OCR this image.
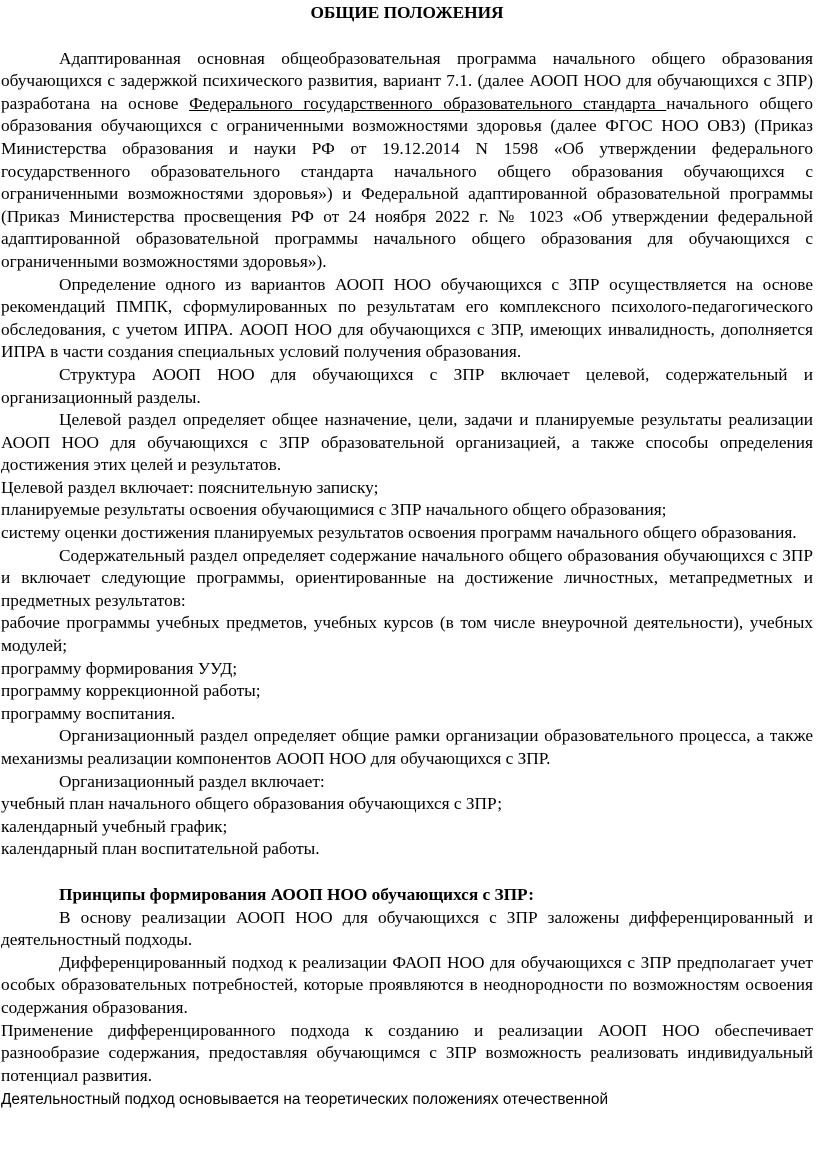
ОБЩИЕ ПОЛОЖЕНИЯ

Адаптированная основная общеобразовательная программа начального общего образования обучающихся с задержкой психического развития, вариант 7.1. (далее АООП НОО для обучающихся с ЗПР) разработана на основе Федерального государственного образовательного стандарта начального общего образования обучающихся с ограниченными возможностями здоровья (далее ФГОС НОО ОВЗ) (Приказ Министерства образования и науки РФ от 19.12.2014 N 1598 «Об утверждении федерального государственного образовательного стандарта начального общего образования обучающихся с ограниченными возможностями здоровья») и Федеральной адаптированной образовательной программы (Приказ Министерства просвещения РФ от 24 ноября 2022 г. № 1023 «Об утверждении федеральной адаптированной образовательной программы начального общего образования для обучающихся с ограниченными возможностями здоровья»).

Определение одного из вариантов АООП НОО обучающихся с ЗПР осуществляется на основе рекомендаций ПМПК, сформулированных по результатам его комплексного психолого-педагогического обследования, с учетом ИПРА. АООП НОО для обучающихся с ЗПР, имеющих инвалидность, дополняется ИПРА в части создания специальных условий получения образования.

Структура АООП НОО для обучающихся с ЗПР включает целевой, содержательный и организационный разделы.

Целевой раздел определяет общее назначение, цели, задачи и планируемые результаты реализации АООП НОО для обучающихся с ЗПР образовательной организацией, а также способы определения достижения этих целей и результатов.

Целевой раздел включает: пояснительную записку;

планируемые результаты освоения обучающимися с ЗПР начального общего образования;

систему оценки достижения планируемых результатов освоения программ начального общего образования.

Содержательный раздел определяет содержание начального общего образования обучающихся с ЗПР и включает следующие программы, ориентированные на достижение личностных, метапредметных и предметных результатов:

рабочие программы учебных предметов, учебных курсов (в том числе внеурочной деятельности), учебных модулей;

программу формирования УУД;

программу коррекционной работы;

программу воспитания.

Организационный раздел определяет общие рамки организации образовательного процесса, а также механизмы реализации компонентов АООП НОО для обучающихся с ЗПР.

Организационный раздел включает:

учебный план начального общего образования обучающихся с ЗПР;

календарный учебный график;

календарный план воспитательной работы.

Принципы формирования АООП НОО обучающихся с ЗПР:

В основу реализации АООП НОО для обучающихся с ЗПР заложены дифференцированный и деятельностный подходы.

Дифференцированный подход к реализации ФАОП НОО для обучающихся с ЗПР предполагает учет особых образовательных потребностей, которые проявляются в неоднородности по возможностям освоения содержания образования.

Применение дифференцированного подхода к созданию и реализации АООП НОО обеспечивает разнообразие содержания, предоставляя обучающимся с ЗПР возможность реализовать индивидуальный потенциал развития.

Деятельностный подход основывается на теоретических положениях отечественной
